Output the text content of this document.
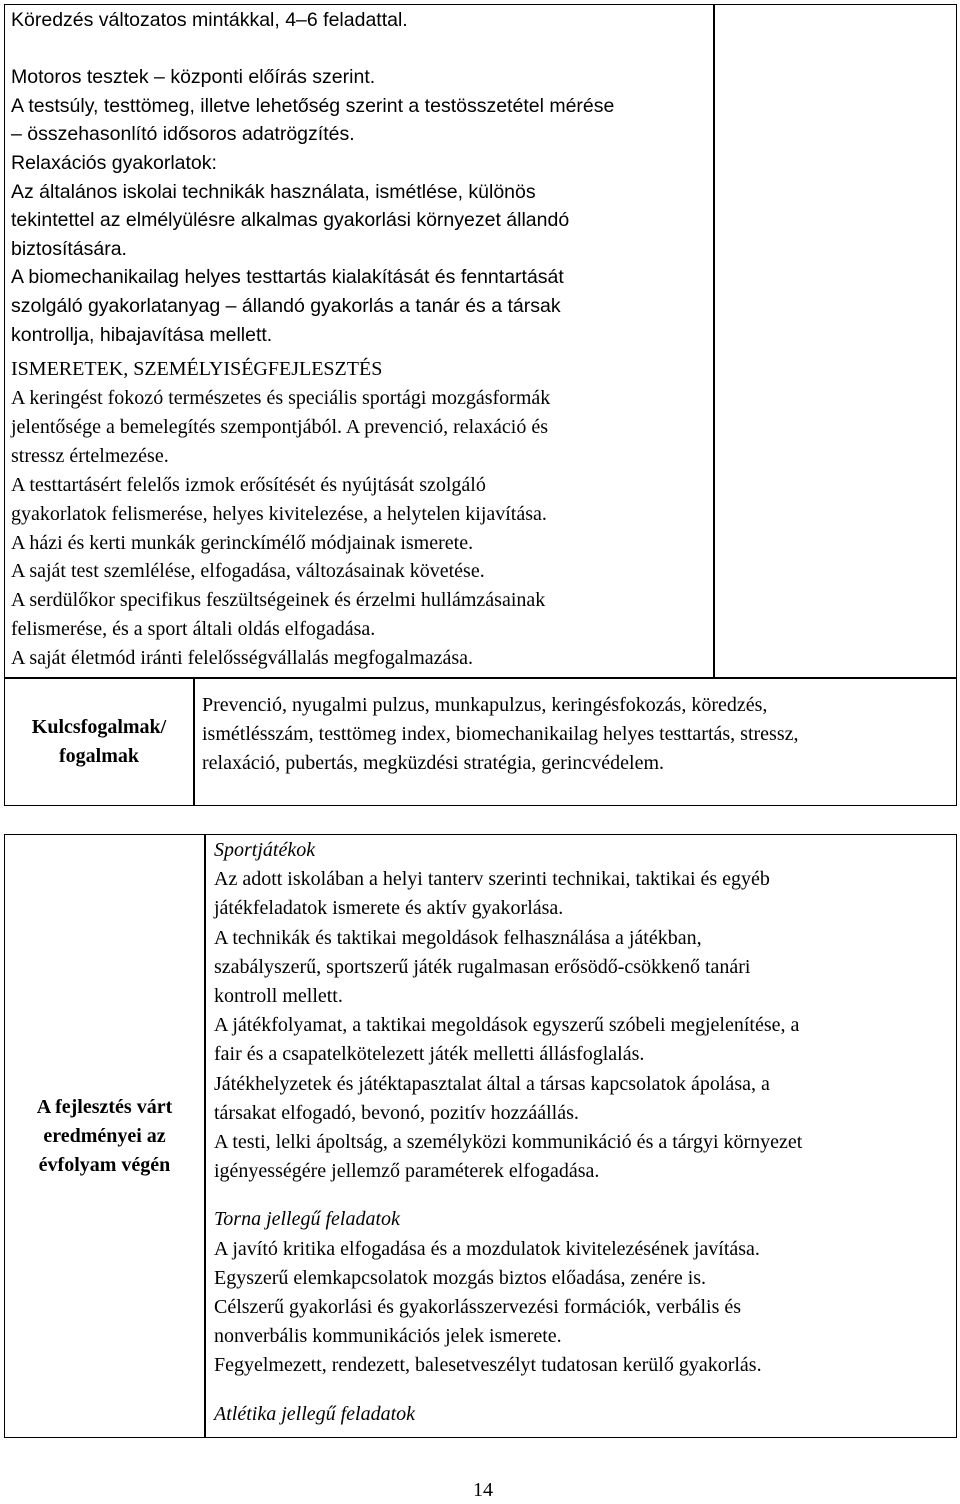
Köredzés változatos mintákkal, 4–6 feladattal.

Motoros tesztek – központi előírás szerint.
A testsúly, testtömeg, illetve lehetőség szerint a testösszetétel mérése
– összehasonlító idősoros adatrögzítés.
Relaxációs gyakorlatok:
Az általános iskolai technikák használata, ismétlése, különös
tekintettel az elmélyülésre alkalmas gyakorlási környezet állandó
biztosítására.
A biomechanikailag helyes testtartás kialakítását és fenntartását
szolgáló gyakorlatanyag – állandó gyakorlás a tanár és a társak
kontrollja, hibajavítása mellett.
ISMERETEK, SZEMÉLYISÉGFEJLESZTÉS
A keringést fokozó természetes és speciális sportági mozgásformák
jelentősége a bemelegítés szempontjából. A prevenció, relaxáció és
stressz értelmezése.
A testtartásért felelős izmok erősítését és nyújtását szolgáló
gyakorlatok felismerése, helyes kivitelezése, a helytelen kijavítása.
A házi és kerti munkák gerinckímélő módjainak ismerete.
A saját test szemlélése, elfogadása, változásainak követése.
A serdülőkor specifikus feszültségeinek és érzelmi hullámzásainak
felismerése, és a sport általi oldás elfogadása.
A saját életmód iránti felelősségvállalás megfogalmazása.
Kulcsfogalmak/ fogalmak
Prevenció, nyugalmi pulzus, munkapulzus, keringésfokozás, köredzés,
ismétlésszám, testtömeg index, biomechanikailag helyes testtartás, stressz,
relaxáció, pubertás, megküzdési stratégia, gerincvédelem.
A fejlesztés várt eredményei az évfolyam végén
Sportjátékok
Az adott iskolában a helyi tanterv szerinti technikai, taktikai és egyéb
játékfeladatok ismerete és aktív gyakorlása.
A technikák és taktikai megoldások felhasználása a játékban,
szabályszerű, sportszerű játék rugalmasan erősödő-csökkenő tanári
kontroll mellett.
A játékfolyamat, a taktikai megoldások egyszerű szóbeli megjelenítése, a
fair és a csapatelkötelezett játék melletti állásfoglalás.
Játékhelyzetek és játéktapasztalat által a társas kapcsolatok ápolása, a
társakat elfogadó, bevonó, pozitív hozzáállás.
A testi, lelki ápoltság, a személyközi kommunikáció és a tárgyi környezet
igényességére jellemző paraméterek elfogadása.
Torna jellegű feladatok
A javító kritika elfogadása és a mozdulatok kivitelezésének javítása.
Egyszerű elemkapcsolatok mozgás biztos előadása, zenére is.
Célszerű gyakorlási és gyakorlásszervezési formációk, verbális és
nonverbális kommunikációs jelek ismerete.
Fegyelmezett, rendezett, balesetveszélyt tudatosan kerülő gyakorlás.
Atlétika jellegű feladatok
14
